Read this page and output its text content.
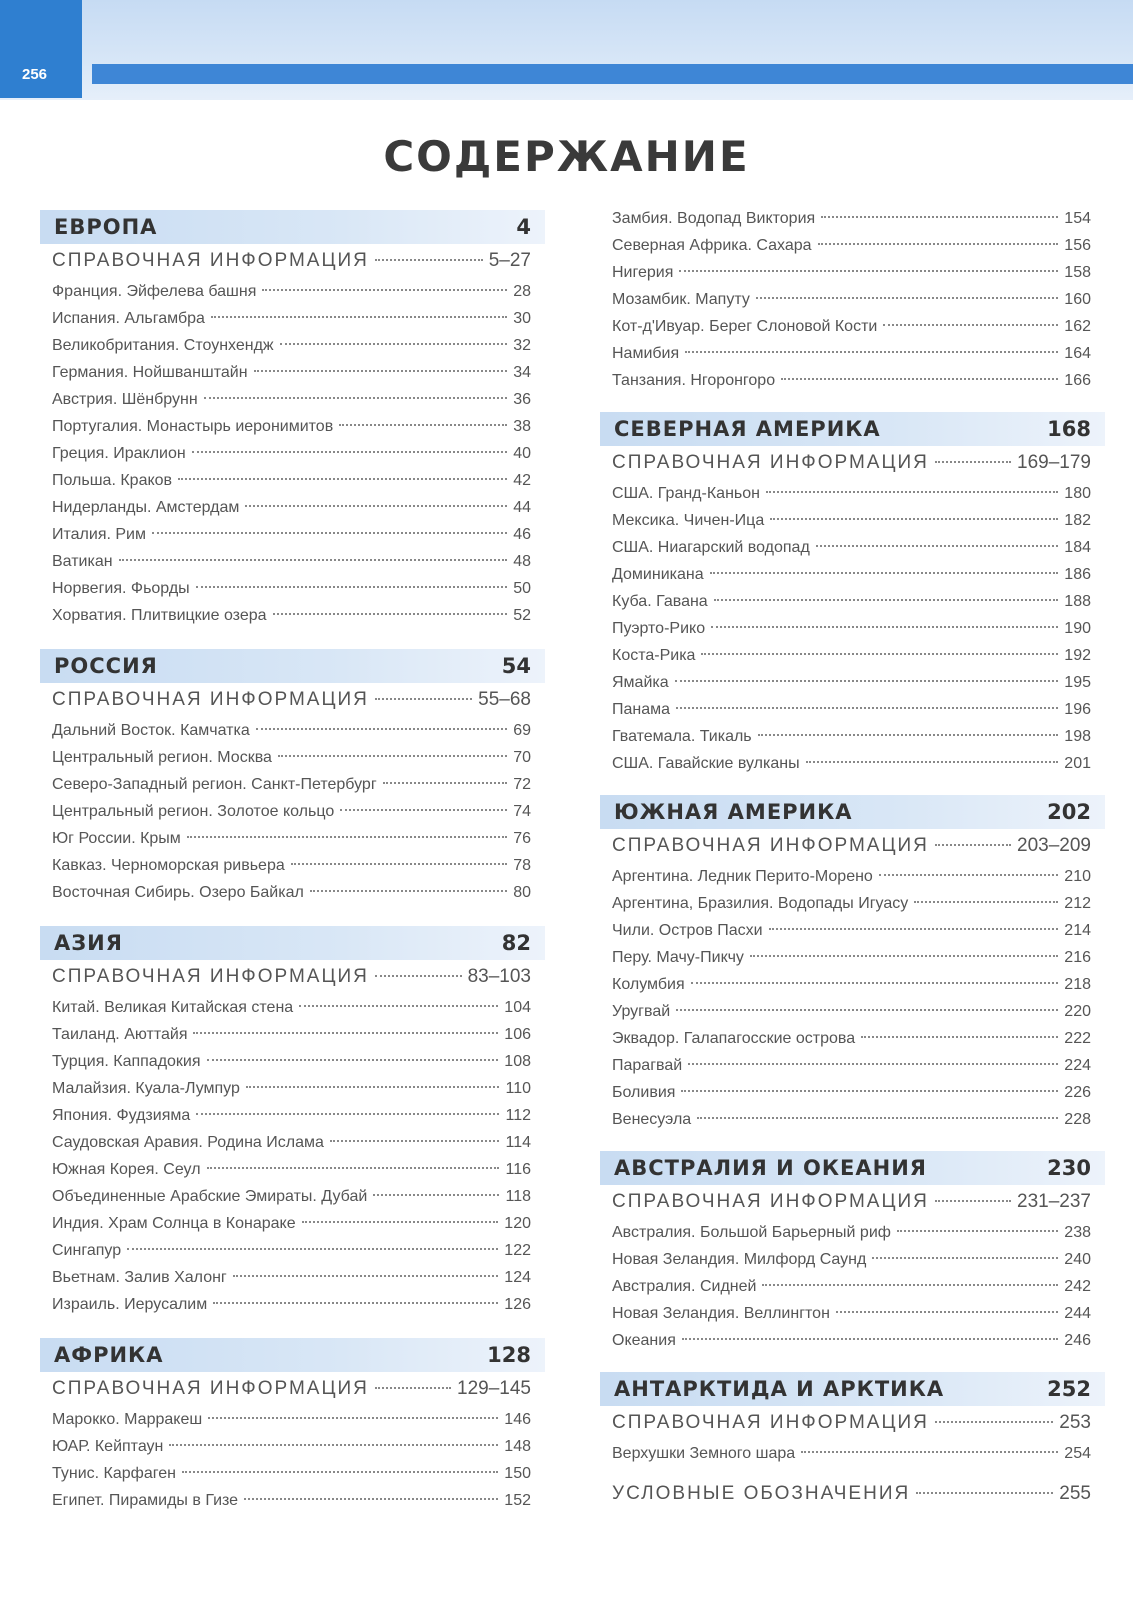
256
СОДЕРЖАНИЕ
ЕВРОПА	4
СПРАВОЧНАЯ ИНФОРМАЦИЯ	5–27
Франция. Эйфелева башня	28
Испания. Альгамбра	30
Великобритания. Стоунхендж	32
Германия. Нойшванштайн	34
Австрия. Шёнбрунн	36
Португалия. Монастырь иеронимитов	38
Греция. Ираклион	40
Польша. Краков	42
Нидерланды. Амстердам	44
Италия. Рим	46
Ватикан	48
Норвегия. Фьорды	50
Хорватия. Плитвицкие озера	52
РОССИЯ	54
СПРАВОЧНАЯ ИНФОРМАЦИЯ	55–68
Дальний Восток. Камчатка	69
Центральный регион. Москва	70
Северо-Западный регион. Санкт-Петербург	72
Центральный регион. Золотое кольцо	74
Юг России. Крым	76
Кавказ. Черноморская ривьера	78
Восточная Сибирь. Озеро Байкал	80
АЗИЯ	82
СПРАВОЧНАЯ ИНФОРМАЦИЯ	83–103
Китай. Великая Китайская стена	104
Таиланд. Аюттайя	106
Турция. Каппадокия	108
Малайзия. Куала-Лумпур	110
Япония. Фудзияма	112
Саудовская Аравия. Родина Ислама	114
Южная Корея. Сеул	116
Объединенные Арабские Эмираты. Дубай	118
Индия. Храм Солнца в Конараке	120
Сингапур	122
Вьетнам. Залив Халонг	124
Израиль. Иерусалим	126
АФРИКА	128
СПРАВОЧНАЯ ИНФОРМАЦИЯ	129–145
Марокко. Марракеш	146
ЮАР. Кейптаун	148
Тунис. Карфаген	150
Египет. Пирамиды в Гизе	152
Замбия. Водопад Виктория	154
Северная Африка. Сахара	156
Нигерия	158
Мозамбик. Мапуту	160
Кот-д'Ивуар. Берег Слоновой Кости	162
Намибия	164
Танзания. Нгоронгоро	166
СЕВЕРНАЯ АМЕРИКА	168
СПРАВОЧНАЯ ИНФОРМАЦИЯ	169–179
США. Гранд-Каньон	180
Мексика. Чичен-Ица	182
США. Ниагарский водопад	184
Доминикана	186
Куба. Гавана	188
Пуэрто-Рико	190
Коста-Рика	192
Ямайка	195
Панама	196
Гватемала. Тикаль	198
США. Гавайские вулканы	201
ЮЖНАЯ АМЕРИКА	202
СПРАВОЧНАЯ ИНФОРМАЦИЯ	203–209
Аргентина. Ледник Перито-Морено	210
Аргентина, Бразилия. Водопады Игуасу	212
Чили. Остров Пасхи	214
Перу. Мачу-Пикчу	216
Колумбия	218
Уругвай	220
Эквадор. Галапагосские острова	222
Парагвай	224
Боливия	226
Венесуэла	228
АВСТРАЛИЯ И ОКЕАНИЯ	230
СПРАВОЧНАЯ ИНФОРМАЦИЯ	231–237
Австралия. Большой Барьерный риф	238
Новая Зеландия. Милфорд Саунд	240
Австралия. Сидней	242
Новая Зеландия. Веллингтон	244
Океания	246
АНТАРКТИДА И АРКТИКА	252
СПРАВОЧНАЯ ИНФОРМАЦИЯ	253
Верхушки Земного шара	254
УСЛОВНЫЕ ОБОЗНАЧЕНИЯ	255
